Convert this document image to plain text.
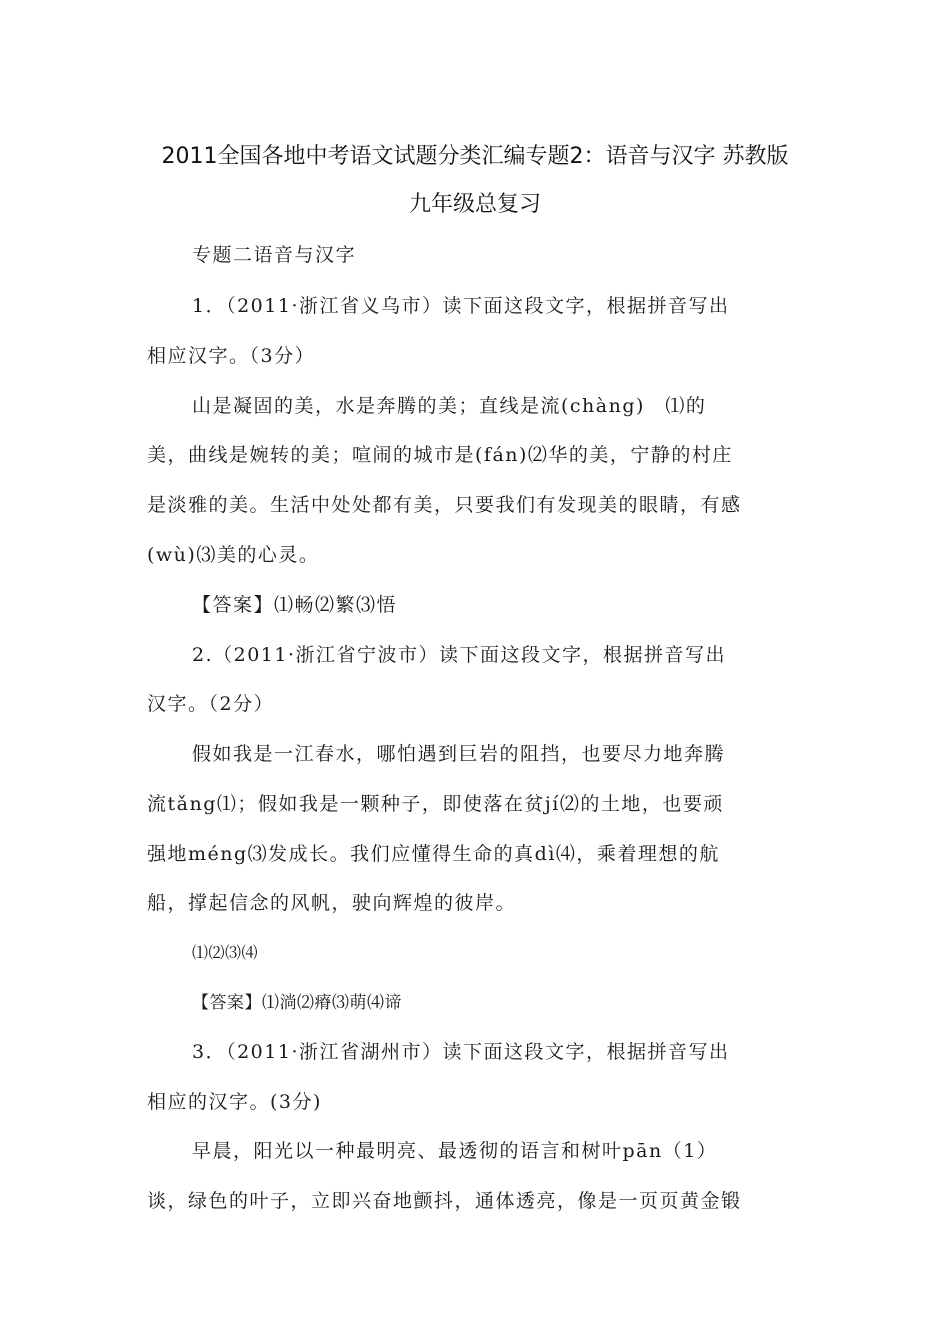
2011全国各地中考语文试题分类汇编专题2：语音与汉字 苏教版
九年级总复习
专题二语音与汉字
1．（2011·浙江省义乌市）读下面这段文字，根据拼音写出
相应汉字。（3分）
山是凝固的美，水是奔腾的美；直线是流(chàng)　⑴的
美，曲线是婉转的美；喧闹的城市是(fán)⑵华的美，宁静的村庄
是淡雅的美。生活中处处都有美，只要我们有发现美的眼睛，有感
(wù)⑶美的心灵。
【答案】⑴畅⑵繁⑶悟
2.（2011·浙江省宁波市）读下面这段文字，根据拼音写出
汉字。（2分）
假如我是一江春水，哪怕遇到巨岩的阻挡，也要尽力地奔腾
流tǎng⑴；假如我是一颗种子，即使落在贫jí⑵的土地，也要顽
强地méng⑶发成长。我们应懂得生命的真dì⑷，乘着理想的航
船，撑起信念的风帆，驶向辉煌的彼岸。
⑴⑵⑶⑷
【答案】⑴淌⑵瘠⑶萌⑷谛
3．（2011·浙江省湖州市）读下面这段文字，根据拼音写出
相应的汉字。(3分)
早晨，阳光以一种最明亮、最透彻的语言和树叶pān（1）
谈，绿色的叶子，立即兴奋地颤抖，通体透亮，像是一页页黄金锻
